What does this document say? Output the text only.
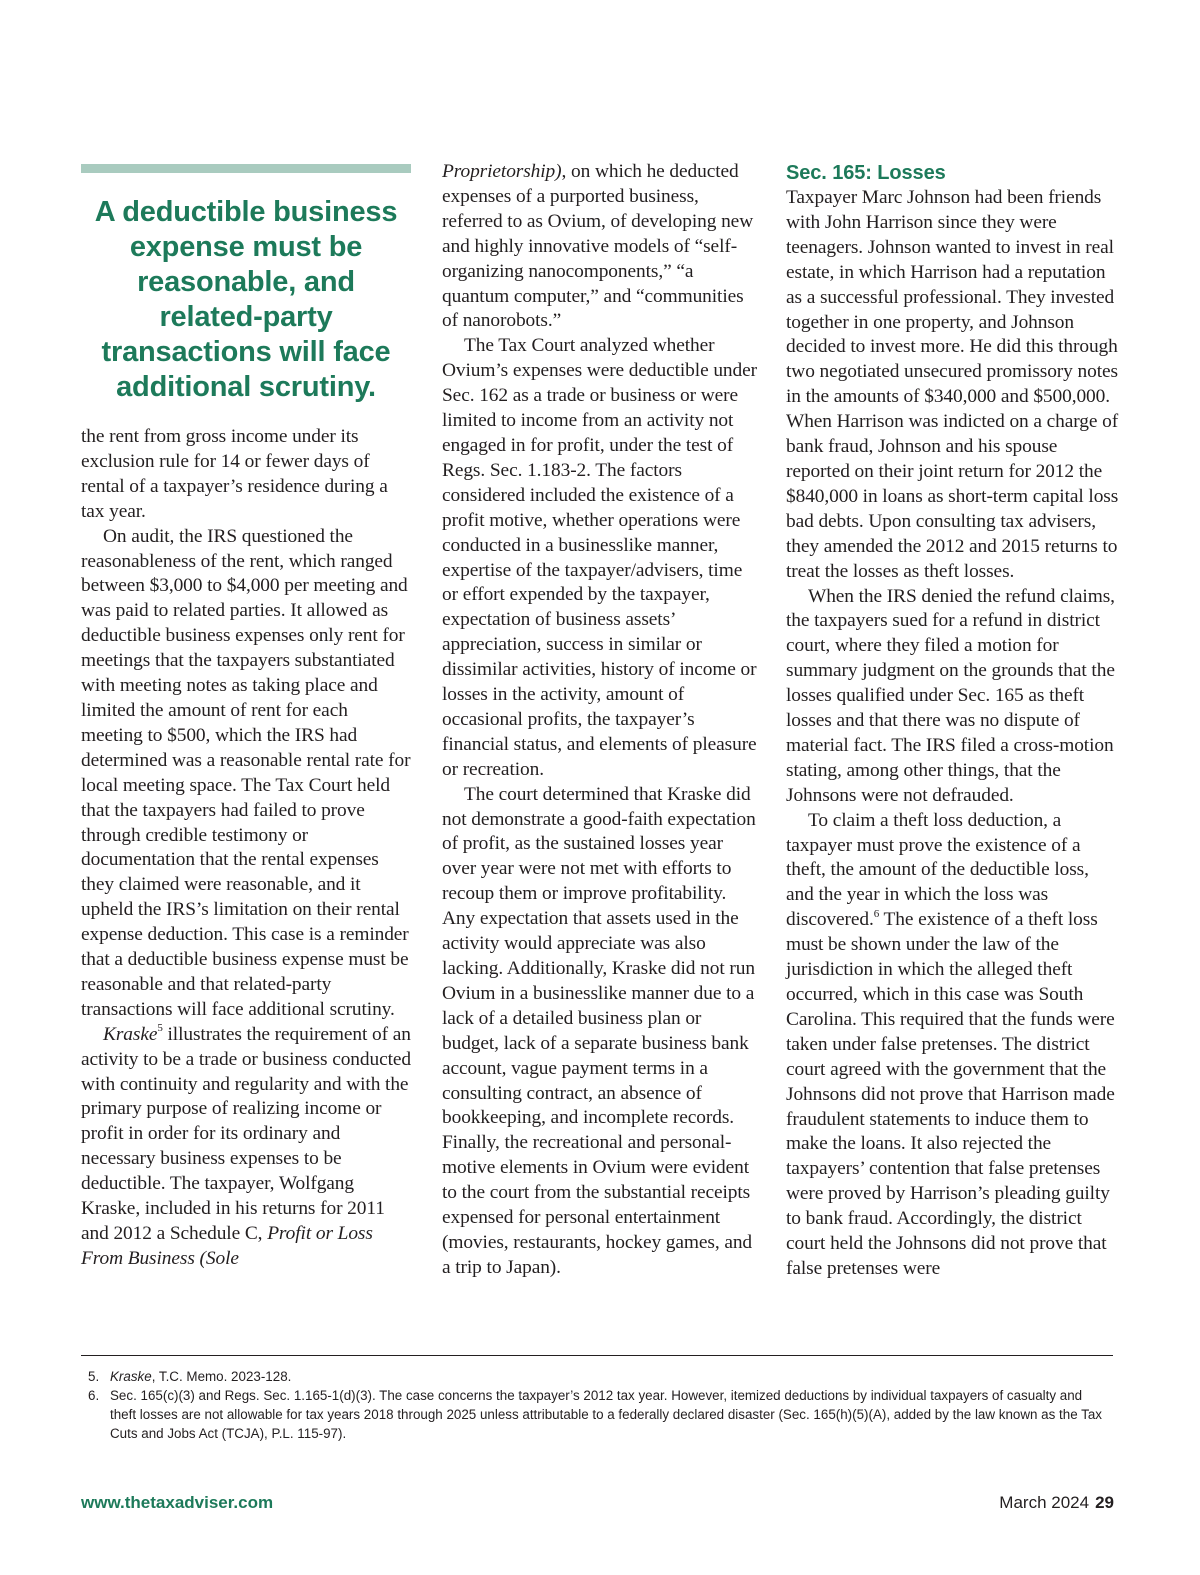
A deductible business expense must be reasonable, and related-party transactions will face additional scrutiny.

the rent from gross income under its exclusion rule for 14 or fewer days of rental of a taxpayer’s residence during a tax year.

On audit, the IRS questioned the reasonableness of the rent, which ranged between $3,000 to $4,000 per meeting and was paid to related parties. It allowed as deductible business expenses only rent for meetings that the taxpayers substantiated with meeting notes as taking place and limited the amount of rent for each meeting to $500, which the IRS had determined was a reasonable rental rate for local meeting space. The Tax Court held that the taxpayers had failed to prove through credible testimony or documentation that the rental expenses they claimed were reasonable, and it upheld the IRS’s limitation on their rental expense deduction. This case is a reminder that a deductible business expense must be reasonable and that related-party transactions will face additional scrutiny.

Kraske$^5$ illustrates the requirement of an activity to be a trade or business conducted with continuity and regularity and with the primary purpose of realizing income or profit in order for its ordinary and necessary business expenses to be deductible. The taxpayer, Wolfgang Kraske, included in his returns for 2011 and 2012 a Schedule C, Profit or Loss From Business (Sole

Proprietorship), on which he deducted expenses of a purported business, referred to as Ovium, of developing new and highly innovative models of “self-organizing nanocomponents,” “a quantum computer,” and “communities of nanorobots.”

The Tax Court analyzed whether Ovium’s expenses were deductible under Sec. 162 as a trade or business or were limited to income from an activity not engaged in for profit, under the test of Regs. Sec. 1.183-2. The factors considered included the existence of a profit motive, whether operations were conducted in a businesslike manner, expertise of the taxpayer/advisers, time or effort expended by the taxpayer, expectation of business assets’ appreciation, success in similar or dissimilar activities, history of income or losses in the activity, amount of occasional profits, the taxpayer’s financial status, and elements of pleasure or recreation.

The court determined that Kraske did not demonstrate a good-faith expectation of profit, as the sustained losses year over year were not met with efforts to recoup them or improve profitability. Any expectation that assets used in the activity would appreciate was also lacking. Additionally, Kraske did not run Ovium in a businesslike manner due to a lack of a detailed business plan or budget, lack of a separate business bank account, vague payment terms in a consulting contract, an absence of bookkeeping, and incomplete records. Finally, the recreational and personal-motive elements in Ovium were evident to the court from the substantial receipts expensed for personal entertainment (movies, restaurants, hockey games, and a trip to Japan).

Sec. 165: Losses

Taxpayer Marc Johnson had been friends with John Harrison since they were teenagers. Johnson wanted to invest in real estate, in which Harrison had a reputation as a successful professional. They invested together in one property, and Johnson decided to invest more. He did this through two negotiated unsecured promissory notes in the amounts of $340,000 and $500,000. When Harrison was indicted on a charge of bank fraud, Johnson and his spouse reported on their joint return for 2012 the $840,000 in loans as short-term capital loss bad debts. Upon consulting tax advisers, they amended the 2012 and 2015 returns to treat the losses as theft losses.

When the IRS denied the refund claims, the taxpayers sued for a refund in district court, where they filed a motion for summary judgment on the grounds that the losses qualified under Sec. 165 as theft losses and that there was no dispute of material fact. The IRS filed a cross-motion stating, among other things, that the Johnsons were not defrauded.

To claim a theft loss deduction, a taxpayer must prove the existence of a theft, the amount of the deductible loss, and the year in which the loss was discovered.$^6$ The existence of a theft loss must be shown under the law of the jurisdiction in which the alleged theft occurred, which in this case was South Carolina. This required that the funds were taken under false pretenses. The district court agreed with the government that the Johnsons did not prove that Harrison made fraudulent statements to induce them to make the loans. It also rejected the taxpayers’ contention that false pretenses were proved by Harrison’s pleading guilty to bank fraud. Accordingly, the district court held the Johnsons did not prove that false pretenses were

5. Kraske, T.C. Memo. 2023-128.
6. Sec. 165(c)(3) and Regs. Sec. 1.165-1(d)(3). The case concerns the taxpayer’s 2012 tax year. However, itemized deductions by individual taxpayers of casualty and theft losses are not allowable for tax years 2018 through 2025 unless attributable to a federally declared disaster (Sec. 165(h)(5)(A), added by the law known as the Tax Cuts and Jobs Act (TCJA), P.L. 115-97).
www.thetaxadviser.com	March 2024 29
